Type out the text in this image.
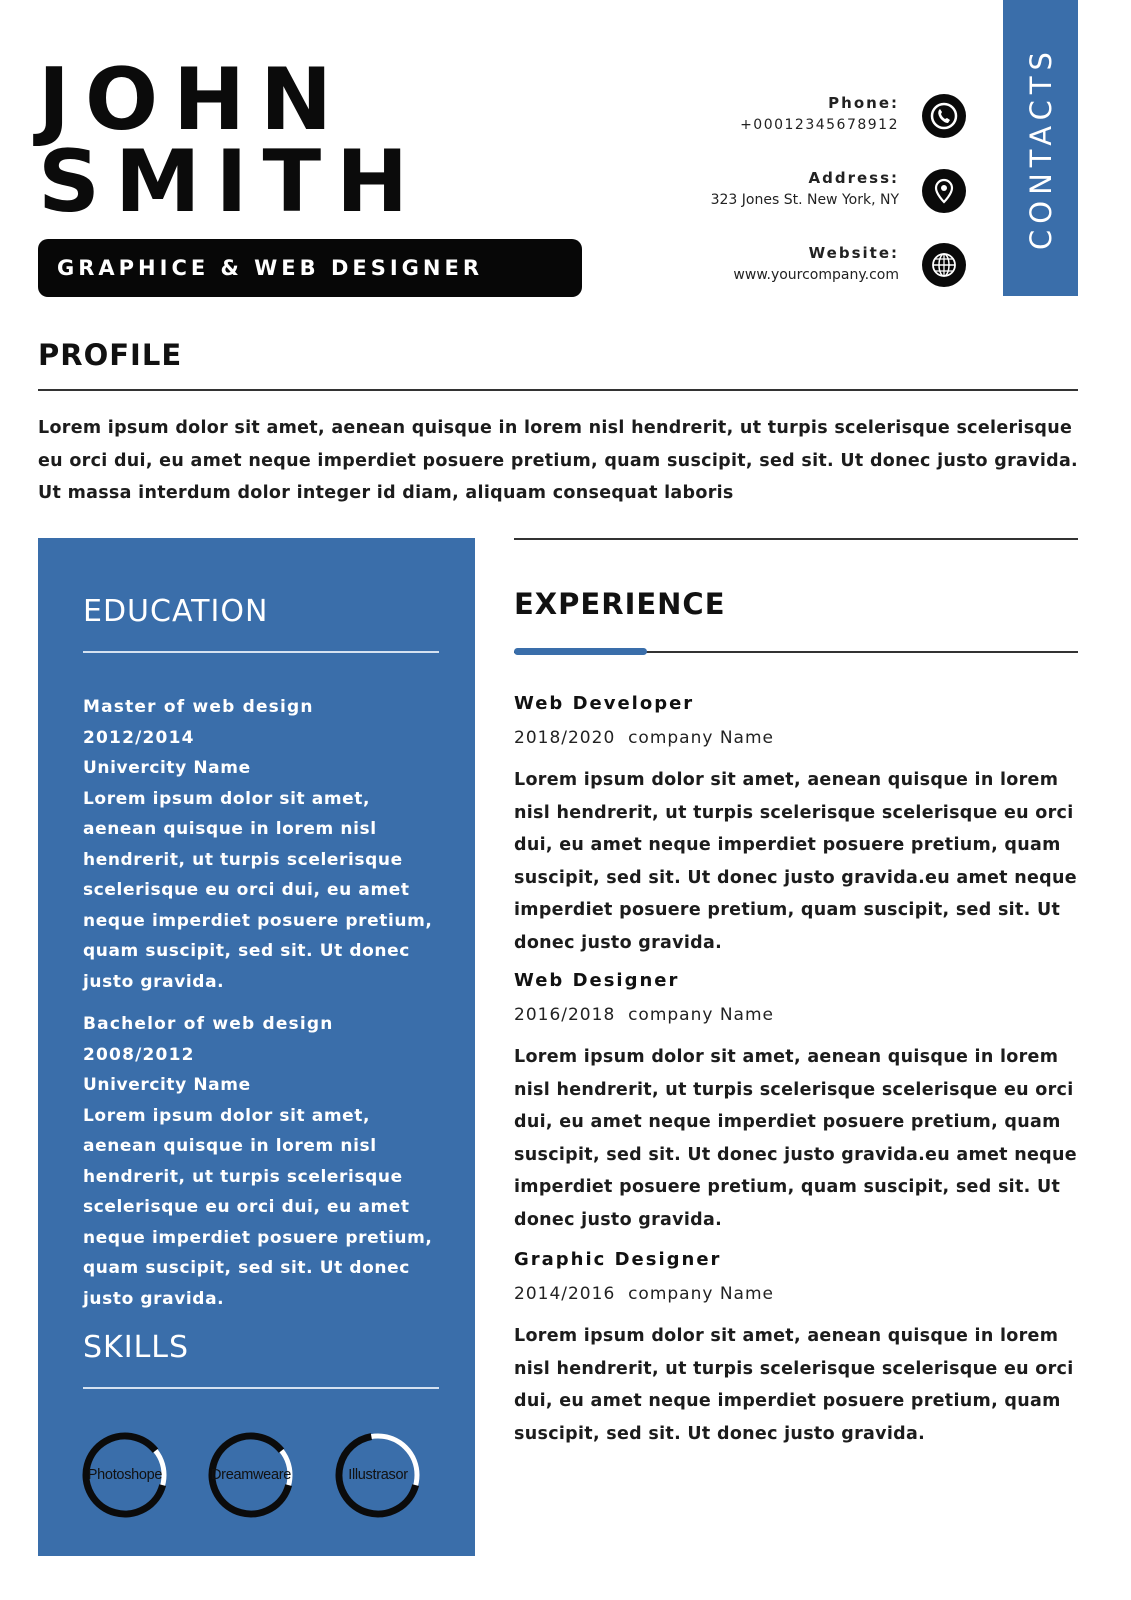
JOHN
SMITH
GRAPHICE & WEB DESIGNER
Phone:
+00012345678912
Address:
323 Jones St. New York, NY
Website:
www.yourcompany.com
CONTACTS
PROFILE
Lorem ipsum dolor sit amet, aenean quisque in lorem nisl hendrerit, ut turpis scelerisque scelerisque eu orci dui, eu amet neque imperdiet posuere pretium, quam suscipit, sed sit. Ut donec justo gravida. Ut massa interdum dolor integer id diam, aliquam consequat laboris
EDUCATION
Master of web design
2012/2014
Univercity Name
Lorem ipsum dolor sit amet, aenean quisque in lorem nisl hendrerit, ut turpis scelerisque scelerisque eu orci dui, eu amet neque imperdiet posuere pretium, quam suscipit, sed sit. Ut donec justo gravida.
Bachelor of web design
2008/2012
Univercity Name
Lorem ipsum dolor sit amet, aenean quisque in lorem nisl hendrerit, ut turpis scelerisque scelerisque eu orci dui, eu amet neque imperdiet posuere pretium, quam suscipit, sed sit. Ut donec justo gravida.
SKILLS
Photoshope	Dreamweare	Illustrasor
EXPERIENCE
Web Developer
2018/2020 company Name
Lorem ipsum dolor sit amet, aenean quisque in lorem nisl hendrerit, ut turpis scelerisque scelerisque eu orci dui, eu amet neque imperdiet posuere pretium, quam suscipit, sed sit. Ut donec justo gravida.eu amet neque imperdiet posuere pretium, quam suscipit, sed sit. Ut donec justo gravida.
Web Designer
2016/2018 company Name
Lorem ipsum dolor sit amet, aenean quisque in lorem nisl hendrerit, ut turpis scelerisque scelerisque eu orci dui, eu amet neque imperdiet posuere pretium, quam suscipit, sed sit. Ut donec justo gravida.eu amet neque imperdiet posuere pretium, quam suscipit, sed sit. Ut donec justo gravida.
Graphic Designer
2014/2016 company Name
Lorem ipsum dolor sit amet, aenean quisque in lorem nisl hendrerit, ut turpis scelerisque scelerisque eu orci dui, eu amet neque imperdiet posuere pretium, quam suscipit, sed sit. Ut donec justo gravida.
